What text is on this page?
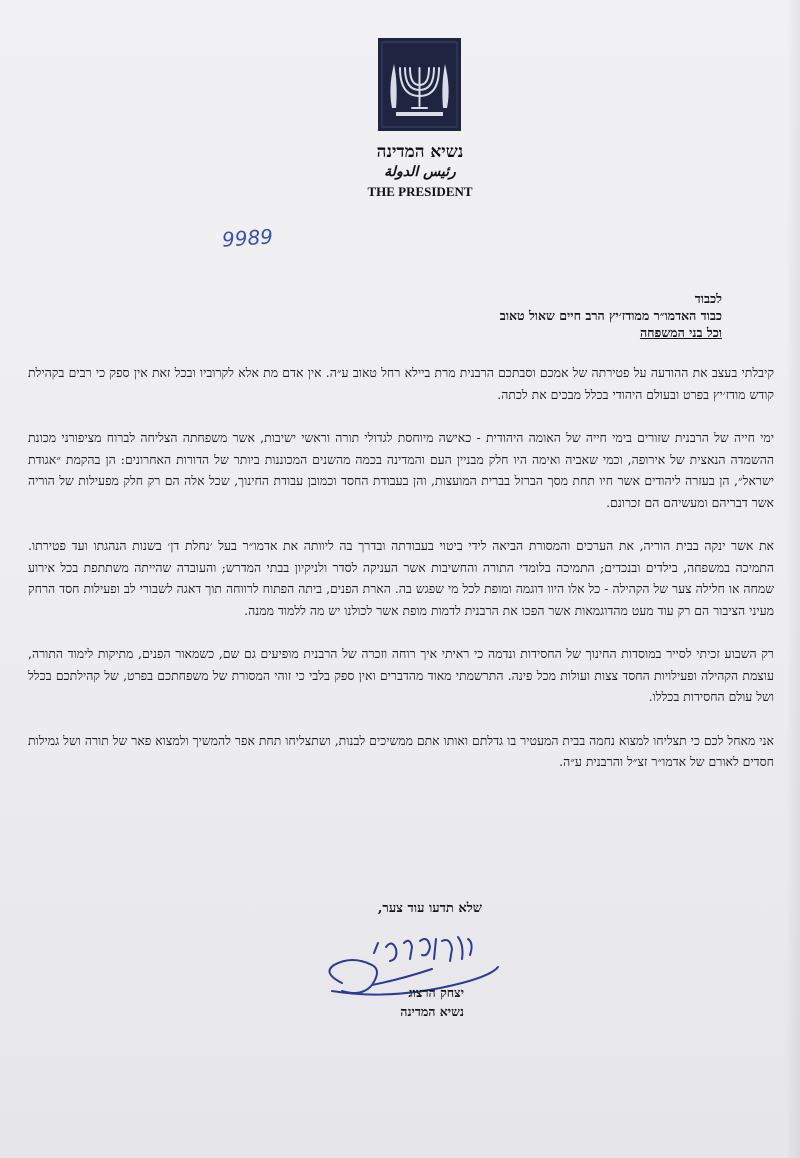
נשיא המדינה
رئيس الدولة
THE PRESIDENT
9989
לכבוד
כבוד האדמו״ר ממודז׳יץ הרב חיים שאול טאוב
וכל בני המשפחה

קיבלתי בעצב את ההודעה על פטירתה של אמכם וסבתכם הרבנית מרת ביילא רחל טאוב ע״ה. אין אדם מת אלא לקרוביו ובכל זאת אין ספק כי רבים בקהילת קודש מודז׳יץ בפרט ובעולם היהודי בכלל מבכים את לכתה.

ימי חייה של הרבנית שזורים בימי חייה של האומה היהודית - כאישה מיוחסת לגדולי תורה וראשי ישיבות, אשר משפחתה הצליחה לברוח מציפורני מכונת ההשמדה הנאצית של אירופה, וכמי שאביה ואימה היו חלק מבניין העם והמדינה בכמה מהשנים המכוננות ביותר של הדורות האחרונים: הן בהקמת ״אגודת ישראל״, הן בעזרה ליהודים אשר חיו תחת מסך הברזל בברית המועצות, והן בעבודת החסד וכמובן עבודת החינוך, שכל אלה הם רק חלק מפעילות של הוריה אשר דבריהם ומעשיהם הם זכרונם.

את אשר ינקה בבית הוריה, את הערכים והמסורת הביאה לידי ביטוי בעבודתה ובדרך בה ליוותה את אדמו״ר בעל ׳נחלת דן׳ בשנות הנהגתו ועד פטירתו. התמיכה במשפחה, בילדים ובנכדים; התמיכה בלומדי התורה והחשיבות אשר העניקה לסדר ולניקיון בבתי המדרש; והעובדה שהייתה משתתפת בכל אירוע שמחה או חלילה צער של הקהילה - כל אלו היוו דוגמה ומופת לכל מי שפגש בה. הארת הפנים, ביתה הפתוח לרווחה תוך דאגה לשבורי לב ופעילות חסד הרחק מעיני הציבור הם רק עוד מעט מהדוגמאות אשר הפכו את הרבנית לדמות מופת אשר לכולנו יש מה ללמוד ממנה.

רק השבוע זכיתי לסייר במוסדות החינוך של החסידות ונדמה כי ראיתי איך רוחה וזכרה של הרבנית מופיעים גם שם, כשמאור הפנים, מתיקות לימוד התורה, עוצמת הקהילה ופעילויות החסד צצות ועולות מכל פינה. התרשמתי מאוד מהדברים ואין ספק בלבי כי זוהי המסורת של משפחתכם בפרט, של קהילתכם בכלל ושל עולם החסידות בכללו.

אני מאחל לכם כי תצליחו למצוא נחמה בבית המעטיר בו גדלתם ואותו אתם ממשיכים לבנות, ושתצליחו תחת אפר להמשיך ולמצוא פאר של תורה ושל גמילות חסדים לאורם של אדמו״ר זצ״ל והרבנית ע״ה.

שלא תדעו עוד צער,
יצחק הרצוג
נשיא המדינה
